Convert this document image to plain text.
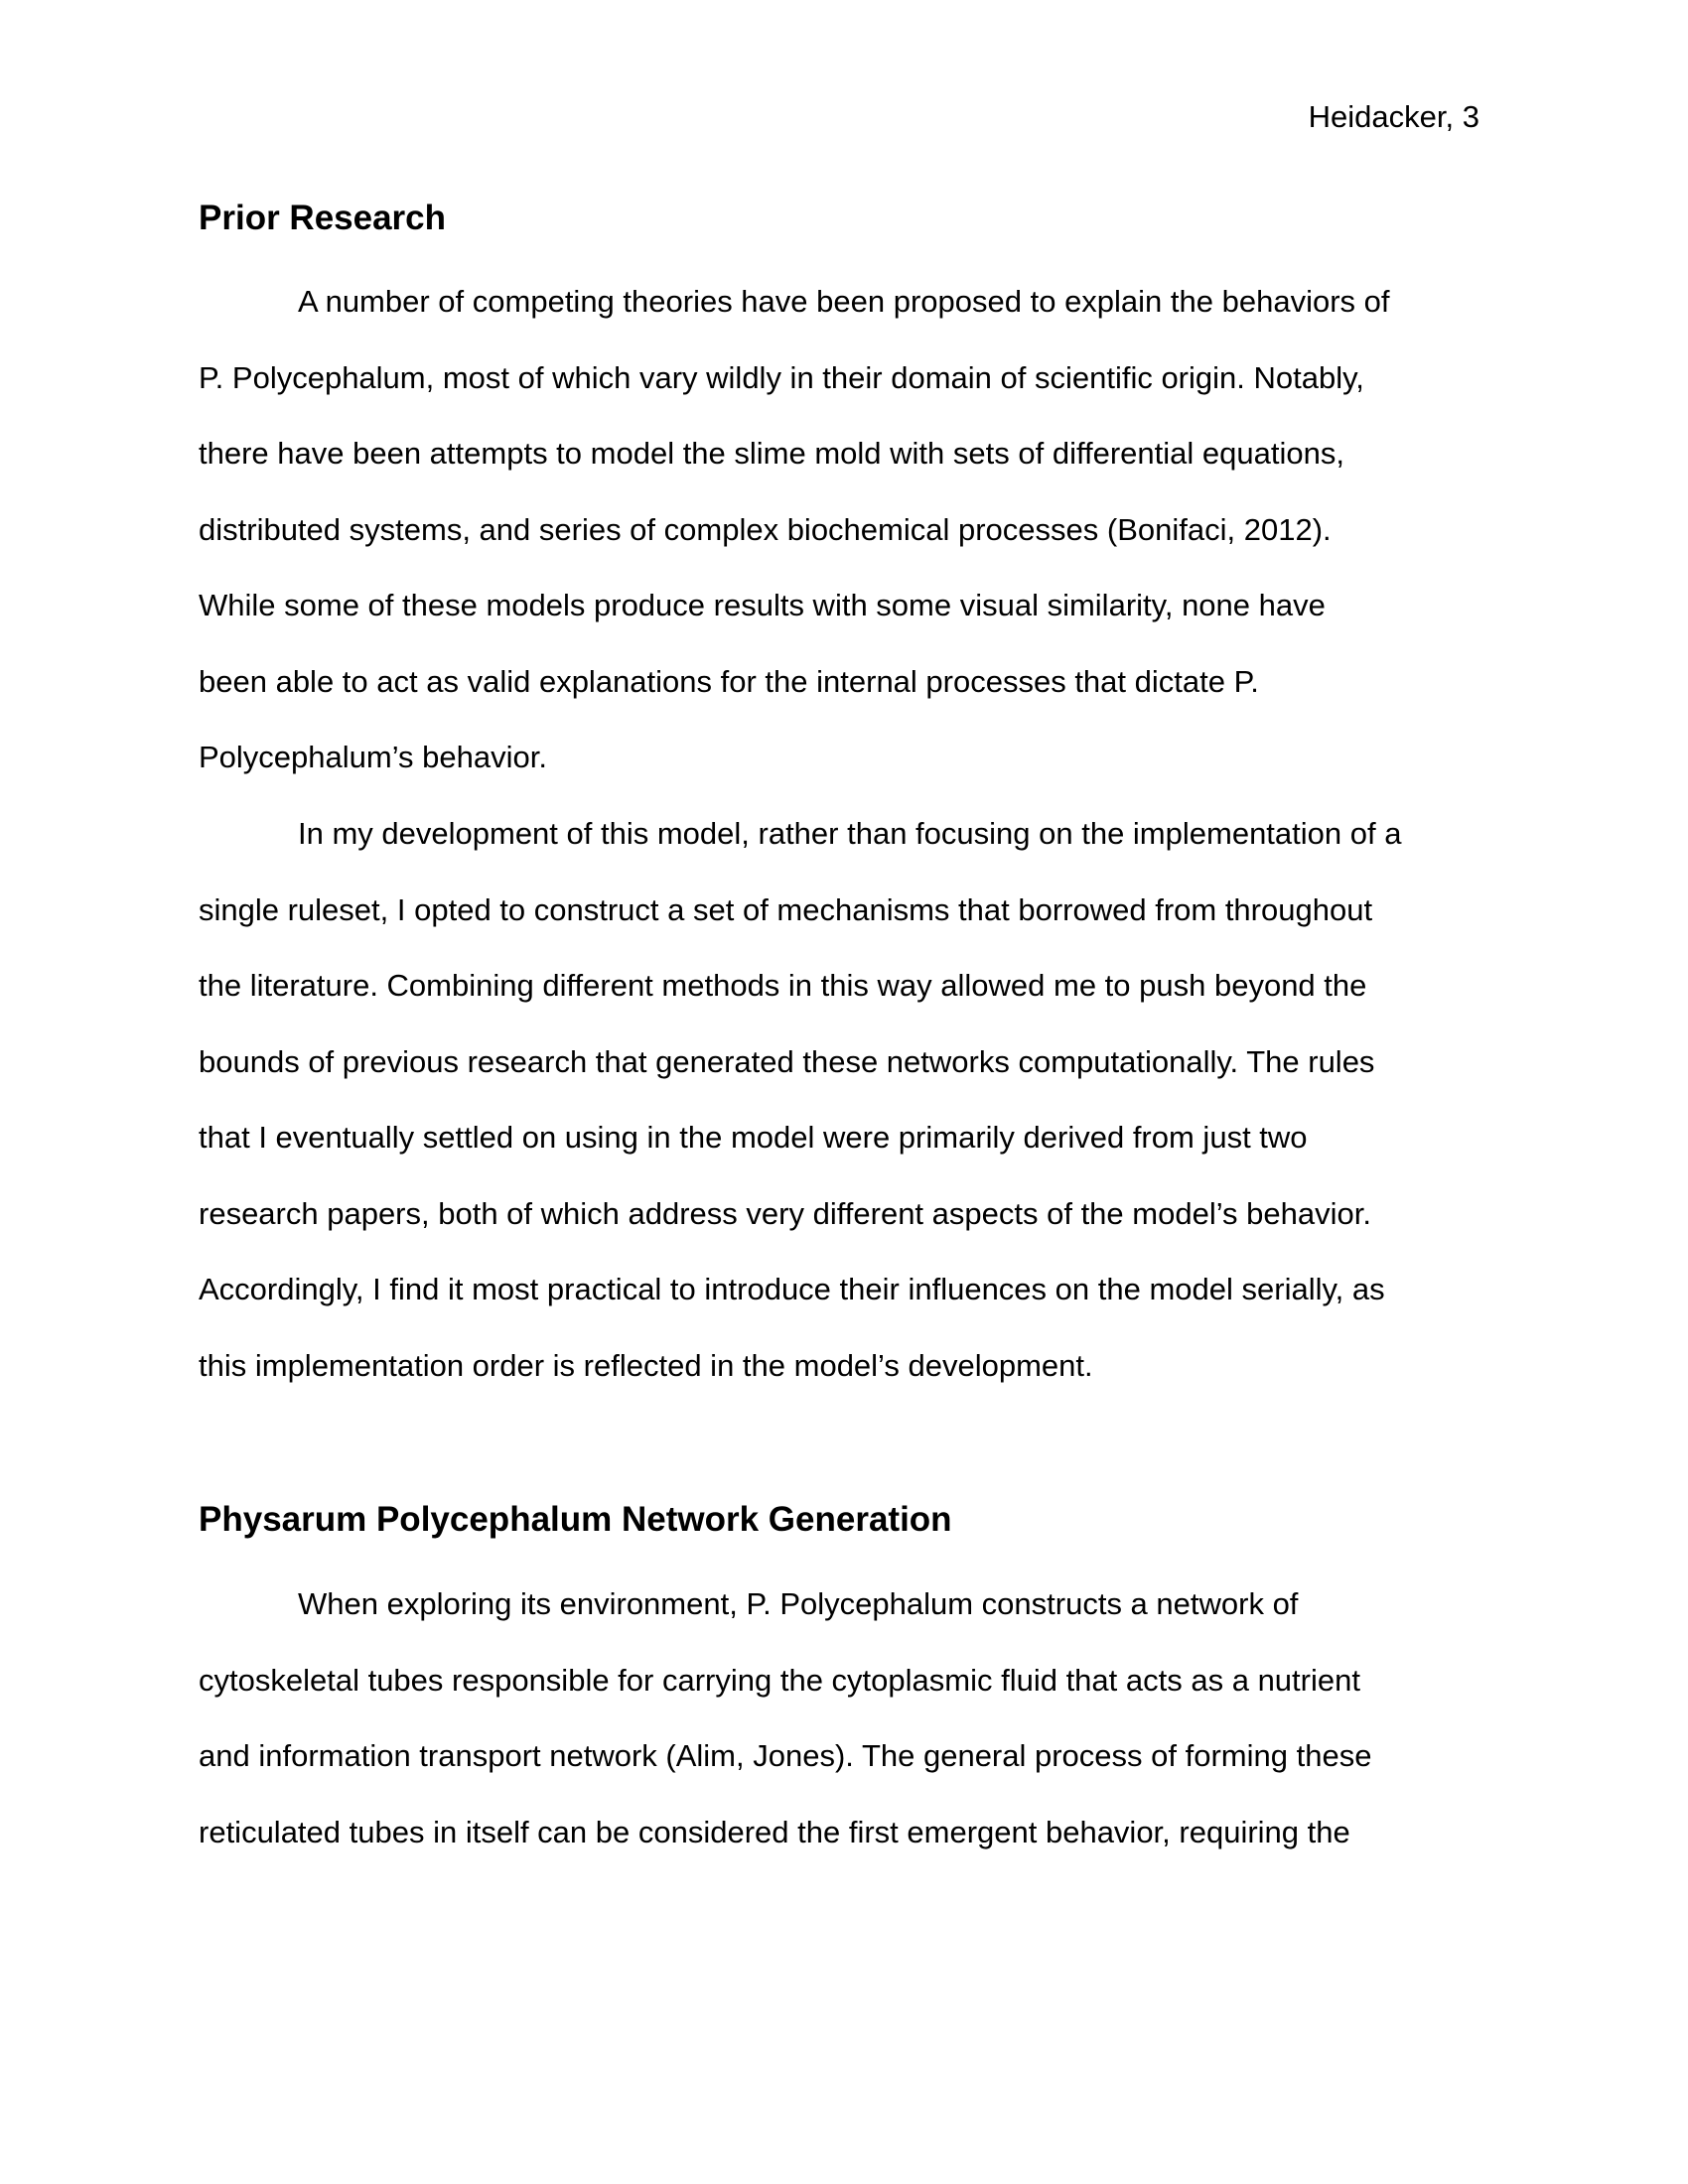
Heidacker, 3
Prior Research

A number of competing theories have been proposed to explain the behaviors of
P. Polycephalum, most of which vary wildly in their domain of scientific origin. Notably,
there have been attempts to model the slime mold with sets of differential equations,
distributed systems, and series of complex biochemical processes (Bonifaci, 2012).
While some of these models produce results with some visual similarity, none have
been able to act as valid explanations for the internal processes that dictate P.
Polycephalum’s behavior.

In my development of this model, rather than focusing on the implementation of a
single ruleset, I opted to construct a set of mechanisms that borrowed from throughout
the literature. Combining different methods in this way allowed me to push beyond the
bounds of previous research that generated these networks computationally. The rules
that I eventually settled on using in the model were primarily derived from just two
research papers, both of which address very different aspects of the model’s behavior.
Accordingly, I find it most practical to introduce their influences on the model serially, as
this implementation order is reflected in the model’s development.

Physarum Polycephalum Network Generation

When exploring its environment, P. Polycephalum constructs a network of
cytoskeletal tubes responsible for carrying the cytoplasmic fluid that acts as a nutrient
and information transport network (Alim, Jones). The general process of forming these
reticulated tubes in itself can be considered the first emergent behavior, requiring the
